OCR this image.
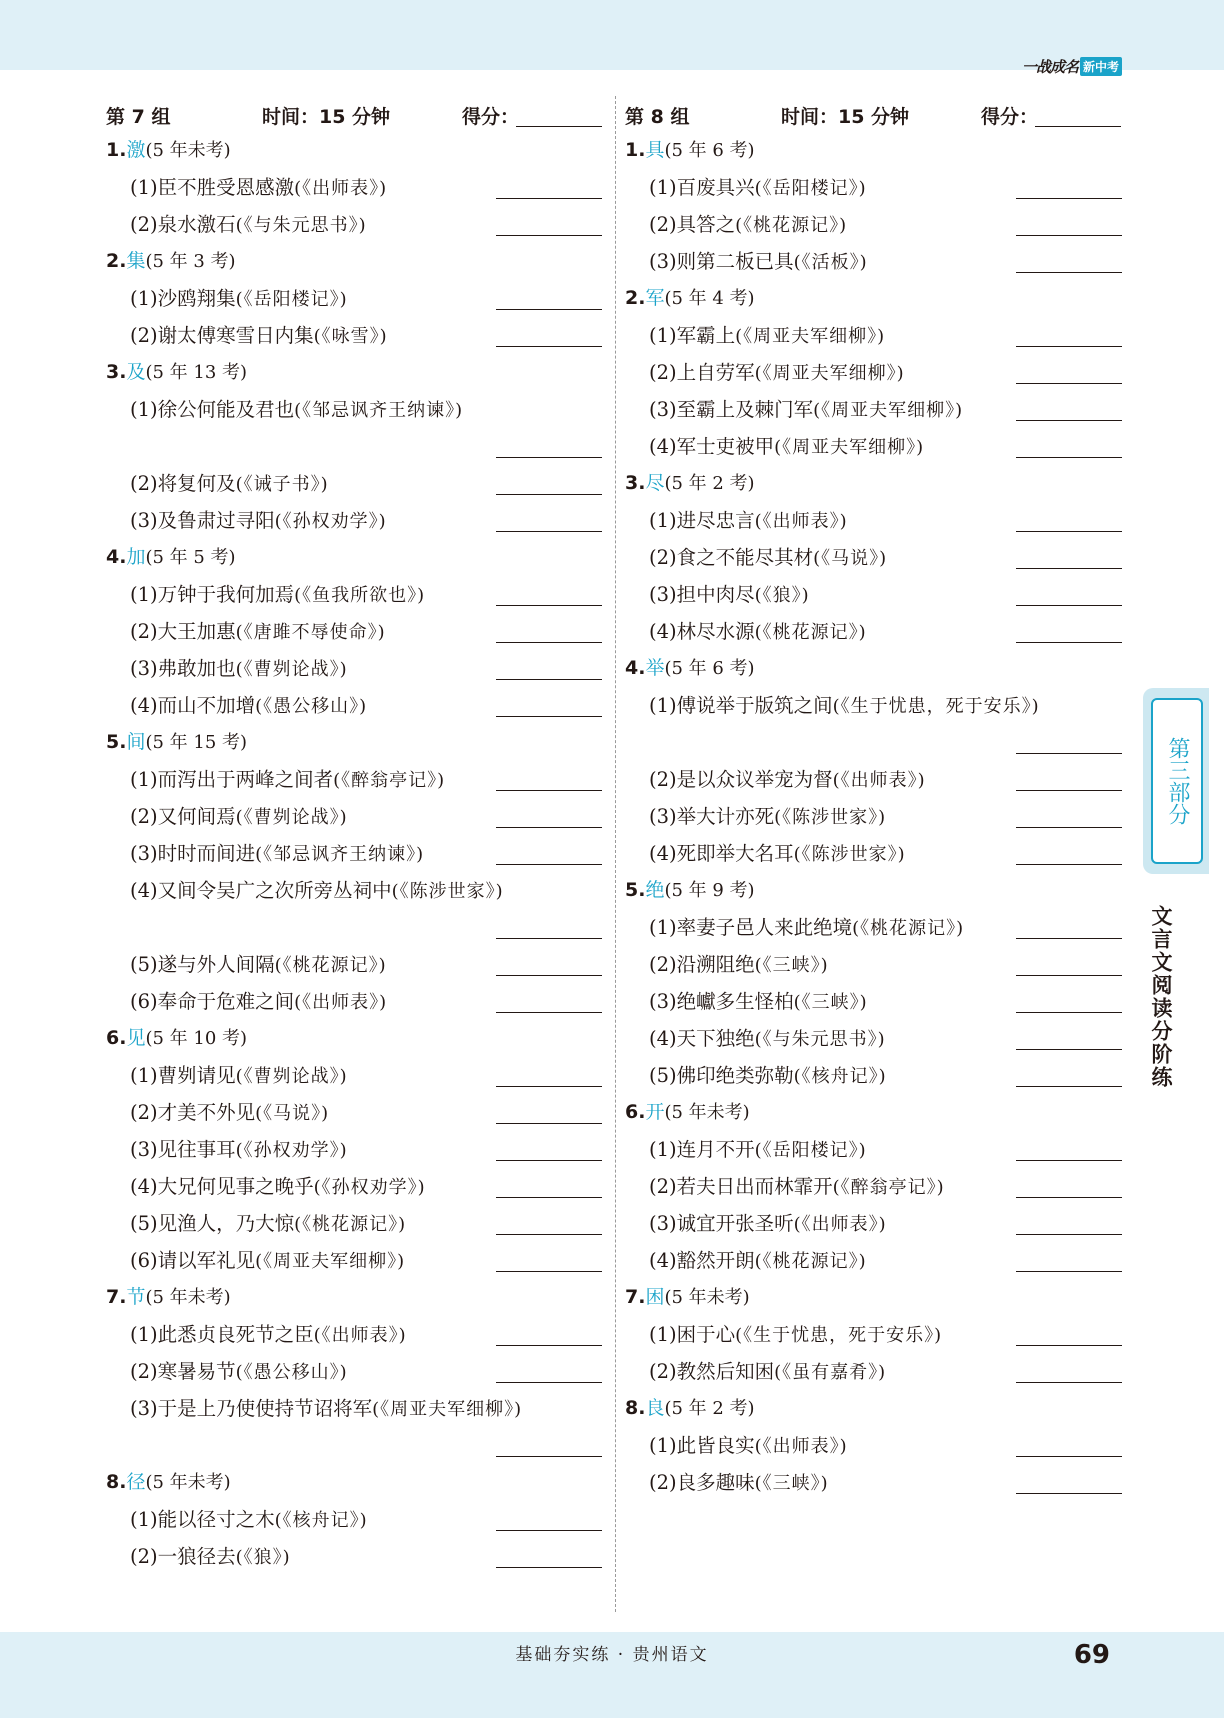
一战成名 新中考
第 7 组	时间：15 分钟	得分：
1.激(5 年未考)
(1)臣不胜受恩感激(《出师表》)
(2)泉水激石(《与朱元思书》)
2.集(5 年 3 考)
(1)沙鸥翔集(《岳阳楼记》)
(2)谢太傅寒雪日内集(《咏雪》)
3.及(5 年 13 考)
(1)徐公何能及君也(《邹忌讽齐王纳谏》)
(2)将复何及(《诫子书》)
(3)及鲁肃过寻阳(《孙权劝学》)
4.加(5 年 5 考)
(1)万钟于我何加焉(《鱼我所欲也》)
(2)大王加惠(《唐雎不辱使命》)
(3)弗敢加也(《曹刿论战》)
(4)而山不加增(《愚公移山》)
5.间(5 年 15 考)
(1)而泻出于两峰之间者(《醉翁亭记》)
(2)又何间焉(《曹刿论战》)
(3)时时而间进(《邹忌讽齐王纳谏》)
(4)又间令吴广之次所旁丛祠中(《陈涉世家》)
(5)遂与外人间隔(《桃花源记》)
(6)奉命于危难之间(《出师表》)
6.见(5 年 10 考)
(1)曹刿请见(《曹刿论战》)
(2)才美不外见(《马说》)
(3)见往事耳(《孙权劝学》)
(4)大兄何见事之晚乎(《孙权劝学》)
(5)见渔人，乃大惊(《桃花源记》)
(6)请以军礼见(《周亚夫军细柳》)
7.节(5 年未考)
(1)此悉贞良死节之臣(《出师表》)
(2)寒暑易节(《愚公移山》)
(3)于是上乃使使持节诏将军(《周亚夫军细柳》)
8.径(5 年未考)
(1)能以径寸之木(《核舟记》)
(2)一狼径去(《狼》)
第 8 组	时间：15 分钟	得分：
1.具(5 年 6 考)
(1)百废具兴(《岳阳楼记》)
(2)具答之(《桃花源记》)
(3)则第二板已具(《活板》)
2.军(5 年 4 考)
(1)军霸上(《周亚夫军细柳》)
(2)上自劳军(《周亚夫军细柳》)
(3)至霸上及棘门军(《周亚夫军细柳》)
(4)军士吏被甲(《周亚夫军细柳》)
3.尽(5 年 2 考)
(1)进尽忠言(《出师表》)
(2)食之不能尽其材(《马说》)
(3)担中肉尽(《狼》)
(4)林尽水源(《桃花源记》)
4.举(5 年 6 考)
(1)傅说举于版筑之间(《生于忧患，死于安乐》)
(2)是以众议举宠为督(《出师表》)
(3)举大计亦死(《陈涉世家》)
(4)死即举大名耳(《陈涉世家》)
5.绝(5 年 9 考)
(1)率妻子邑人来此绝境(《桃花源记》)
(2)沿溯阻绝(《三峡》)
(3)绝巘多生怪柏(《三峡》)
(4)天下独绝(《与朱元思书》)
(5)佛印绝类弥勒(《核舟记》)
6.开(5 年未考)
(1)连月不开(《岳阳楼记》)
(2)若夫日出而林霏开(《醉翁亭记》)
(3)诚宜开张圣听(《出师表》)
(4)豁然开朗(《桃花源记》)
7.困(5 年未考)
(1)困于心(《生于忧患，死于安乐》)
(2)教然后知困(《虽有嘉肴》)
8.良(5 年 2 考)
(1)此皆良实(《出师表》)
(2)良多趣味(《三峡》)
第三部分
文言文阅读分阶练
基础夯实练 · 贵州语文	69
